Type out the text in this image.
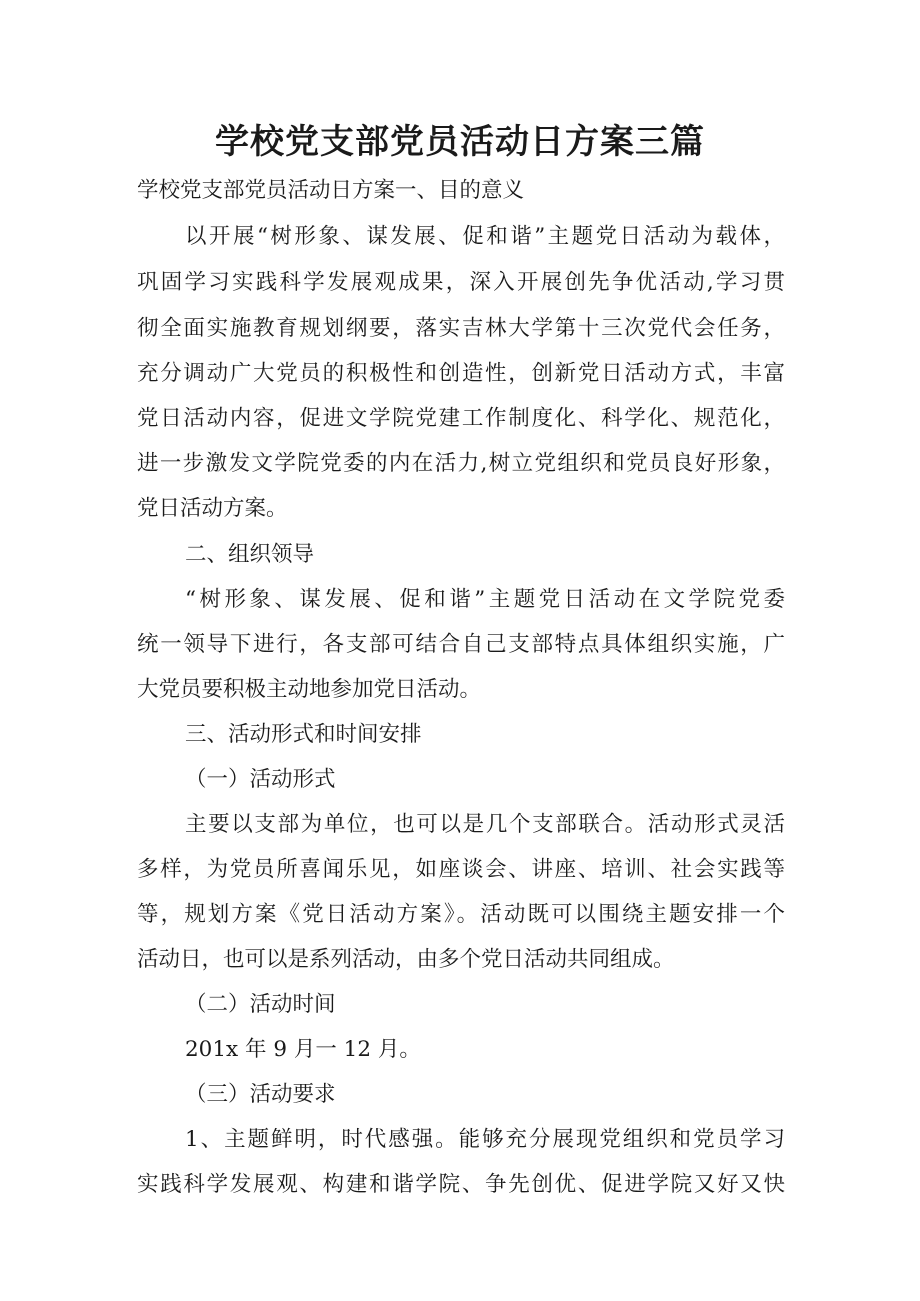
学校党支部党员活动日方案三篇

学校党支部党员活动日方案一、目的意义

以开展“树形象、谋发展、促和谐”主题党日活动为载体，

巩固学习实践科学发展观成果，深入开展创先争优活动,学习贯

彻全面实施教育规划纲要，落实吉林大学第十三次党代会任务，

充分调动广大党员的积极性和创造性，创新党日活动方式，丰富

党日活动内容，促进文学院党建工作制度化、科学化、规范化，

进一步激发文学院党委的内在活力,树立党组织和党员良好形象，

党日活动方案。

二、组织领导

“树形象、谋发展、促和谐”主题党日活动在文学院党委

统一领导下进行，各支部可结合自己支部特点具体组织实施，广

大党员要积极主动地参加党日活动。

三、活动形式和时间安排

（一）活动形式

主要以支部为单位，也可以是几个支部联合。活动形式灵活

多样，为党员所喜闻乐见，如座谈会、讲座、培训、社会实践等

等，规划方案《党日活动方案》。活动既可以围绕主题安排一个

活动日，也可以是系列活动，由多个党日活动共同组成。

（二）活动时间

201x 年 9 月一 12 月。

（三）活动要求

1、主题鲜明，时代感强。能够充分展现党组织和党员学习

实践科学发展观、构建和谐学院、争先创优、促进学院又好又快
